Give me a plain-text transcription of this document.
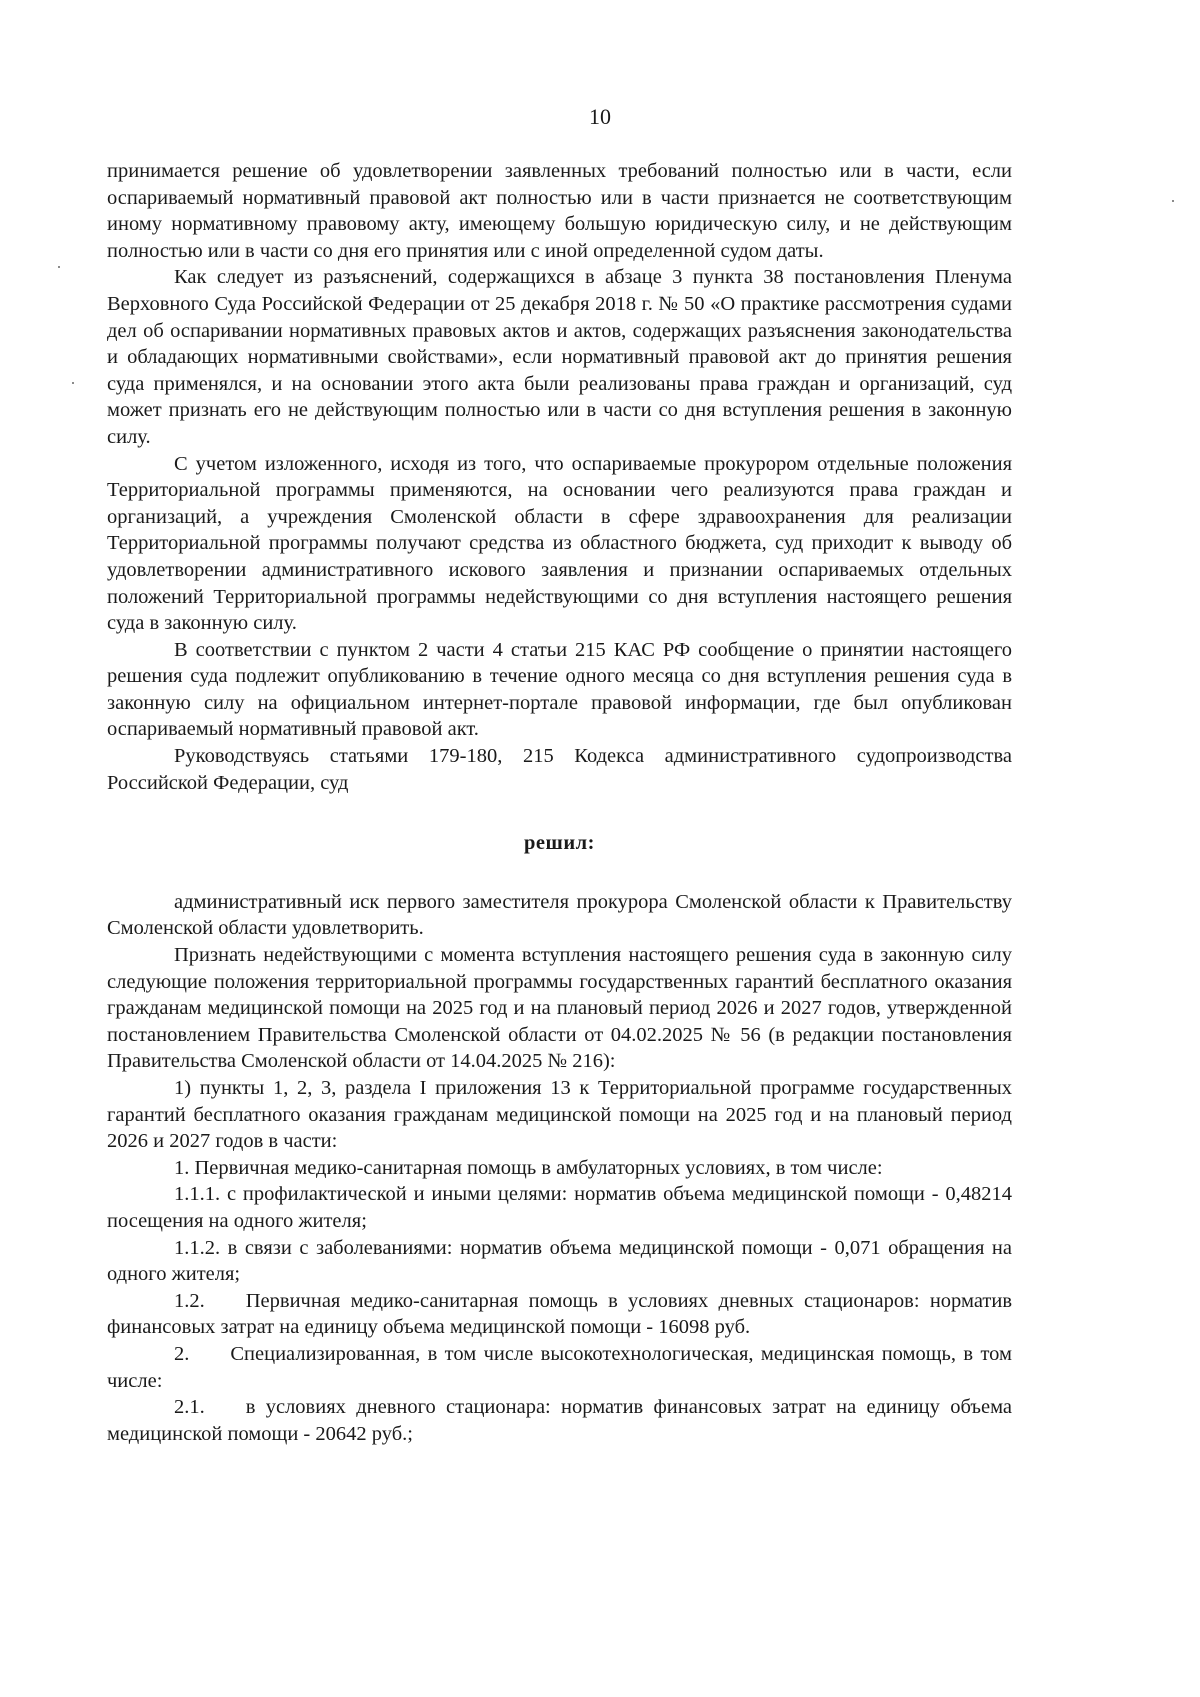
10

принимается решение об удовлетворении заявленных требований полностью или в части, если оспариваемый нормативный правовой акт полностью или в части признается не соответствующим иному нормативному правовому акту, имеющему большую юридическую силу, и не действующим полностью или в части со дня его принятия или с иной определенной судом даты.

Как следует из разъяснений, содержащихся в абзаце 3 пункта 38 постановления Пленума Верховного Суда Российской Федерации от 25 декабря 2018 г. № 50 «О практике рассмотрения судами дел об оспаривании нормативных правовых актов и актов, содержащих разъяснения законодательства и обладающих нормативными свойствами», если нормативный правовой акт до принятия решения суда применялся, и на основании этого акта были реализованы права граждан и организаций, суд может признать его не действующим полностью или в части со дня вступления решения в законную силу.

С учетом изложенного, исходя из того, что оспариваемые прокурором отдельные положения Территориальной программы применяются, на основании чего реализуются права граждан и организаций, а учреждения Смоленской области в сфере здравоохранения для реализации Территориальной программы получают средства из областного бюджета, суд приходит к выводу об удовлетворении административного искового заявления и признании оспариваемых отдельных положений Территориальной программы недействующими со дня вступления настоящего решения суда в законную силу.

В соответствии с пунктом 2 части 4 статьи 215 КАС РФ сообщение о принятии настоящего решения суда подлежит опубликованию в течение одного месяца со дня вступления решения суда в законную силу на официальном интернет-портале правовой информации, где был опубликован оспариваемый нормативный правовой акт.

Руководствуясь статьями 179-180, 215 Кодекса административного судопроизводства Российской Федерации, суд

решил:

административный иск первого заместителя прокурора Смоленской области к Правительству Смоленской области удовлетворить.

Признать недействующими с момента вступления настоящего решения суда в законную силу следующие положения территориальной программы государственных гарантий бесплатного оказания гражданам медицинской помощи на 2025 год и на плановый период 2026 и 2027 годов, утвержденной постановлением Правительства Смоленской области от 04.02.2025 № 56 (в редакции постановления Правительства Смоленской области от 14.04.2025 № 216):

1) пункты 1, 2, 3, раздела I приложения 13 к Территориальной программе государственных гарантий бесплатного оказания гражданам медицинской помощи на 2025 год и на плановый период 2026 и 2027 годов в части:

1. Первичная медико-санитарная помощь в амбулаторных условиях, в том числе:

1.1.1. с профилактической и иными целями: норматив объема медицинской помощи - 0,48214 посещения на одного жителя;

1.1.2. в связи с заболеваниями: норматив объема медицинской помощи - 0,071 обращения на одного жителя;

1.2.  Первичная медико-санитарная помощь в условиях дневных стационаров: норматив финансовых затрат на единицу объема медицинской помощи - 16098 руб.

2.  Специализированная, в том числе высокотехнологическая, медицинская помощь, в том числе:

2.1.  в условиях дневного стационара: норматив финансовых затрат на единицу объема медицинской помощи - 20642 руб.;
